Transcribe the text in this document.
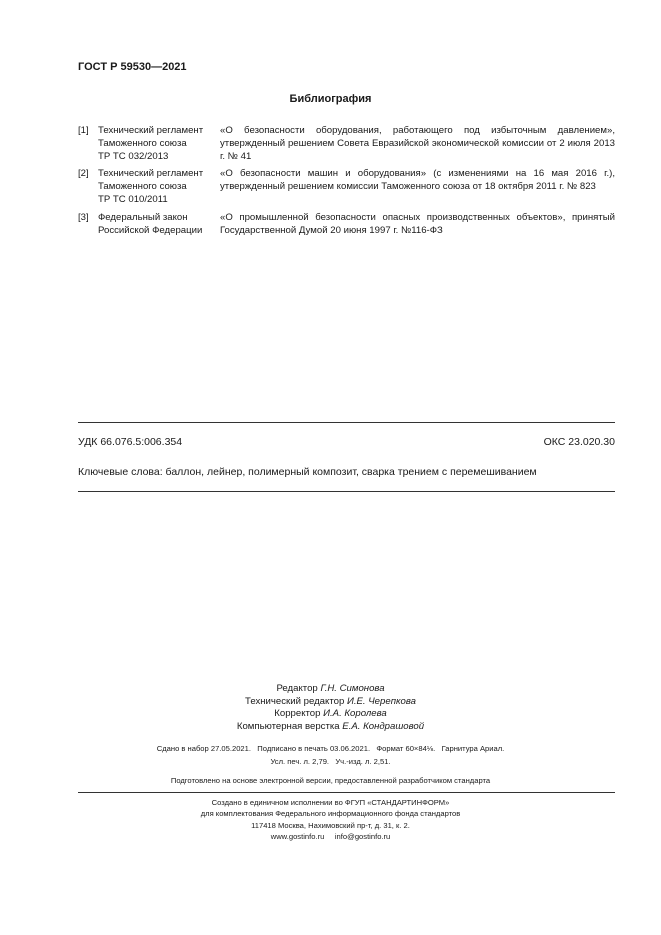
ГОСТ Р 59530—2021
Библиография
[1] Технический регламент
Таможенного союза
ТР ТС 032/2013
«О безопасности оборудования, работающего под избыточным давлением», утвержденный решением Совета Евразийской экономической комиссии от 2 июля 2013 г. № 41
[2] Технический регламент
Таможенного союза
ТР ТС 010/2011
«О безопасности машин и оборудования» (с изменениями на 16 мая 2016 г.), утвержденный решением комиссии Таможенного союза от 18 октября 2011 г. № 823
[3] Федеральный закон
Российской Федерации
«О промышленной безопасности опасных производственных объектов», принятый Государственной Думой 20 июня 1997 г. №116-ФЗ
УДК 66.076.5:006.354	ОКС 23.020.30
Ключевые слова: баллон, лейнер, полимерный композит, сварка трением с перемешиванием
Редактор Г.Н. Симонова
Технический редактор И.Е. Черепкова
Корректор И.А. Королева
Компьютерная верстка Е.А. Кондрашовой
Сдано в набор 27.05.2021.   Подписано в печать 03.06.2021.   Формат 60×84⅛.   Гарнитура Ариал.
Усл. печ. л. 2,79.   Уч.-изд. л. 2,51.
Подготовлено на основе электронной версии, предоставленной разработчиком стандарта
Создано в единичном исполнении во ФГУП «СТАНДАРТИНФОРМ»
для комплектования Федерального информационного фонда стандартов
117418 Москва, Нахимовский пр-т, д. 31, к. 2.
www.gostinfo.ru     info@gostinfo.ru
